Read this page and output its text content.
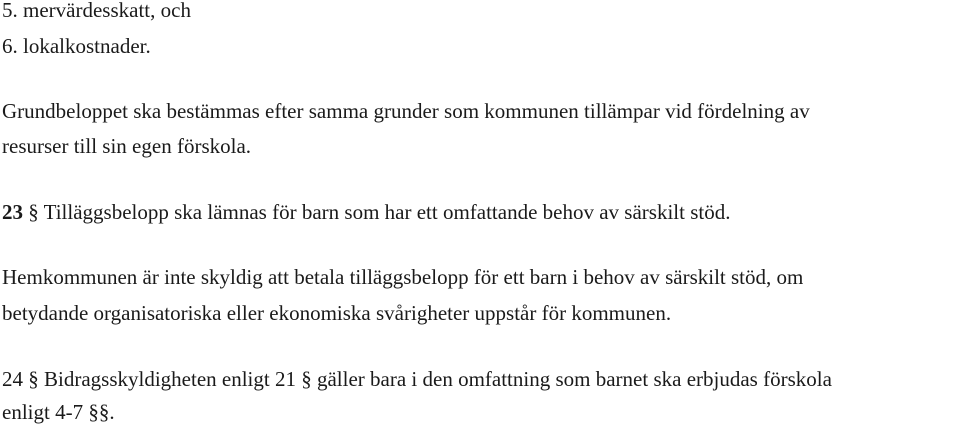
5. mervärdesskatt, och
6. lokalkostnader.
Grundbeloppet ska bestämmas efter samma grunder som kommunen tillämpar vid fördelning av
resurser till sin egen förskola.
23 § Tilläggsbelopp ska lämnas för barn som har ett omfattande behov av särskilt stöd.
Hemkommunen är inte skyldig att betala tilläggsbelopp för ett barn i behov av särskilt stöd, om
betydande organisatoriska eller ekonomiska svårigheter uppstår för kommunen.
24 § Bidragsskyldigheten enligt 21 § gäller bara i den omfattning som barnet ska erbjudas förskola
enligt 4-7 §§.
